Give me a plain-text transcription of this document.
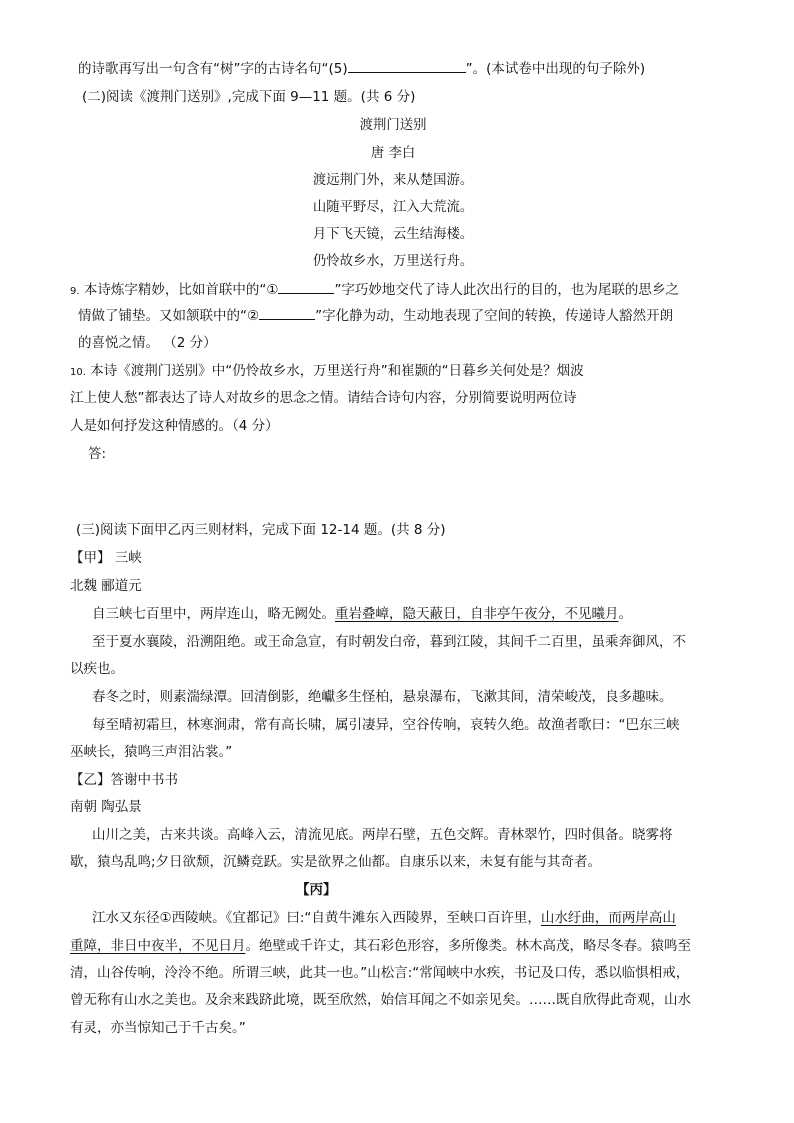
的诗歌再写出一句含有“树”字的古诗名句“(5)	”。(本试卷中出现的句子除外)
(二)阅读《渡荆门送别》,完成下面 9—11 题。(共 6 分)
渡荆门送别
唐 李白
渡远荆门外，来从楚国游。
山随平野尽，江入大荒流。
月下飞天镜，云生结海楼。
仍怜故乡水，万里送行舟。
9. 本诗炼字精妙，比如首联中的“①	”字巧妙地交代了诗人此次出行的目的，也为尾联的思乡之
情做了铺垫。又如颔联中的“②	”字化静为动，生动地表现了空间的转换，传递诗人豁然开朗
的喜悦之情。 （2 分）
10. 本诗《渡荆门送别》中“仍怜故乡水，万里送行舟”和崔颢的“日暮乡关何处是？烟波
江上使人愁”都表达了诗人对故乡的思念之情。请结合诗句内容，分别简要说明两位诗
人是如何抒发这种情感的。（4 分）
答:
(三)阅读下面甲乙丙三则材料，完成下面 12-14 题。(共 8 分)
【甲】 三峡
北魏 郦道元
自三峡七百里中，两岸连山，略无阙处。重岩叠嶂，隐天蔽日，自非亭午夜分，不见曦月。
至于夏水襄陵，沿溯阻绝。或王命急宣，有时朝发白帝，暮到江陵，其间千二百里，虽乘奔御风，不
以疾也。
春冬之时，则素湍绿潭。回清倒影，绝巘多生怪柏，悬泉瀑布，飞漱其间，清荣峻茂，良多趣味。
每至晴初霜旦，林寒涧肃，常有高长啸，属引凄异，空谷传响，哀转久绝。故渔者歌曰：“巴东三峡
巫峡长，猿鸣三声泪沾裳。”
【乙】答谢中书书
南朝 陶弘景
山川之美，古来共谈。高峰入云，清流见底。两岸石壁，五色交辉。青林翠竹，四时俱备。晓雾将
歇，猿鸟乱鸣;夕日欲颓，沉鳞竞跃。实是欲界之仙都。自康乐以来，未复有能与其奇者。
【丙】
江水又东径①西陵峡。《宜都记》曰:“自黄牛滩东入西陵界，至峡口百许里，山水纡曲，而两岸高山
重障，非日中夜半，不见日月。绝壁或千许丈，其石彩色形容，多所像类。林木高茂，略尽冬春。猿鸣至
清，山谷传响，泠泠不绝。所谓三峡，此其一也。”山松言:“常闻峡中水疾，书记及口传，悉以临惧相戒，
曾无称有山水之美也。及余来践跻此境，既至欣然，始信耳闻之不如亲见矣。……既自欣得此奇观，山水
有灵，亦当惊知己于千古矣。”
